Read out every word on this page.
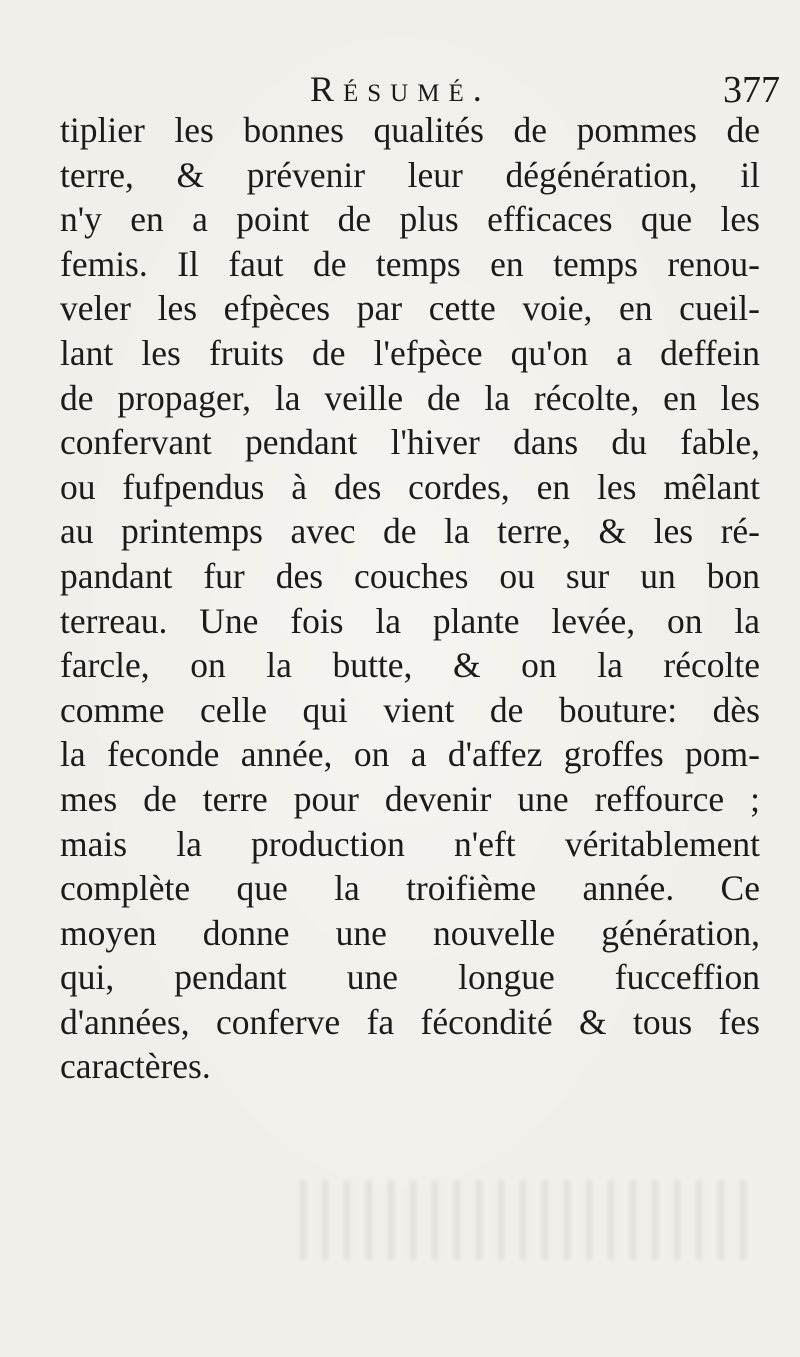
Résumé.	377
tiplier les bonnes qualités de pommes de
terre, & prévenir leur dégénération, il
n'y en a point de plus efficaces que les
femis. Il faut de temps en temps renou-
veler les efpèces par cette voie, en cueil-
lant les fruits de l'efpèce qu'on a deffein
de propager, la veille de la récolte, en les
confervant pendant l'hiver dans du fable,
ou fufpendus à des cordes, en les mêlant
au printemps avec de la terre, & les ré-
pandant fur des couches ou sur un bon
terreau. Une fois la plante levée, on la
farcle, on la butte, & on la récolte
comme celle qui vient de bouture: dès
la feconde année, on a d'affez groffes pom-
mes de terre pour devenir une reffource ;
mais la production n'eft véritablement
complète que la troifième année. Ce
moyen donne une nouvelle génération,
qui, pendant une longue fucceffion
d'années, conferve fa fécondité & tous fes
caractères.
